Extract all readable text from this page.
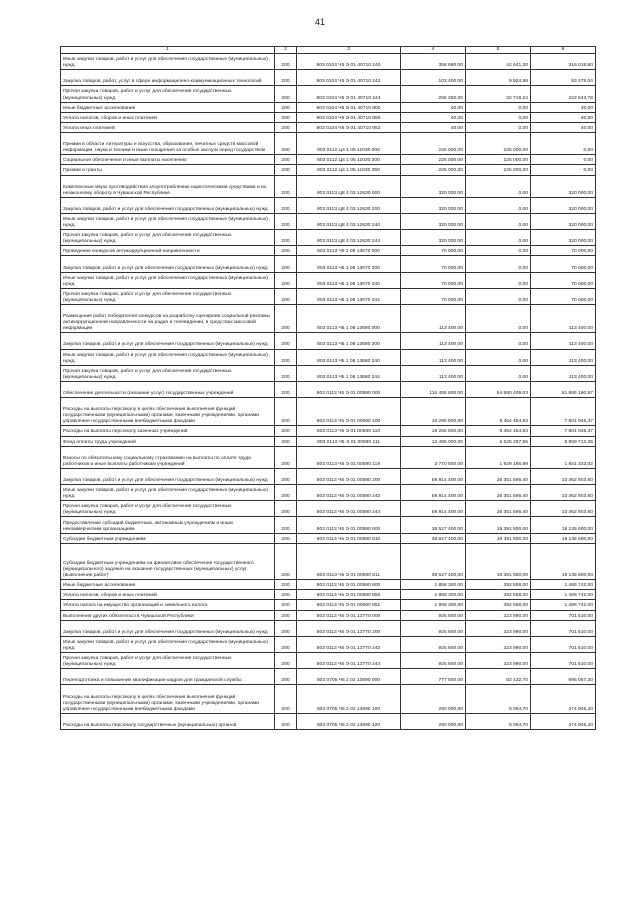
41
1	2	3	4	5	6
Иные закупки товаров, работ и услуг для обеспечения государственных (муниципальных) нужд	200	803 0104 Ч5 Э 01 40710 240	358 660,00	42 641,20	316 018,80
Закупка товаров, работ, услуг в сфере информационно-коммуникационных технологий	200	803 0104 Ч5 Э 01 40710 242	103 400,00	9 924,98	93 475,04
Прочая закупка товаров, работ и услуг для обеспечения государственных (муниципальных) нужд	200	803 0104 Ч5 Э 01 40710 244	255 260,00	32 716,24	222 543,76
Иные бюджетные ассигнования	200	803 0104 Ч5 Э 01 40710 800	40,00	0,00	40,00
Уплата налогов, сборов и иных платежей	200	803 0104 Ч5 Э 01 40710 850	40,00	0,00	40,00
Уплата иных платежей	200	803 0104 Ч5 Э 01 40710 853	40,00	0,00	40,00
Премии в области литературы и искусства, образования, печатных средств массовой информации, науки и техники и иные поощрения за особые заслуги перед государством	200	803 0112 Ц4 1 05 11030 000	225 000,00	225 000,00	0,00
Социальное обеспечение и иные выплаты населению	200	803 0112 Ц4 1 05 11030 300	225 000,00	225 000,00	0,00
Премии и гранты	200	803 0112 Ц4 1 05 11030 350	225 000,00	225 000,00	0,00
Комплексные меры противодействия злоупотреблению наркотическими средствами и их незаконному обороту в Чувашской Республике	200	803 0113 Ц8 4 03 12630 000	320 000,00	0,00	320 000,00
Закупка товаров, работ и услуг для обеспечения государственных (муниципальных) нужд	200	803 0113 Ц8 4 03 12630 200	320 000,00	0,00	320 000,00
Иные закупки товаров, работ и услуг для обеспечения государственных (муниципальных) нужд	200	803 0113 Ц8 4 03 12630 240	320 000,00	0,00	320 000,00
Прочая закупка товаров, работ и услуг для обеспечения государственных (муниципальных) нужд	200	803 0113 Ц8 4 03 12630 244	320 000,00	0,00	320 000,00
Проведение конкурсов антикоррупционной направленности	200	803 0113 Ч5 1 08 13670 000	70 000,00	0,00	70 000,00
Закупка товаров, работ и услуг для обеспечения государственных (муниципальных) нужд	200	803 0113 Ч5 1 08 13670 200	70 000,00	0,00	70 000,00
Иные закупки товаров, работ и услуг для обеспечения государственных (муниципальных) нужд	200	803 0113 Ч5 1 08 13670 240	70 000,00	0,00	70 000,00
Прочая закупка товаров, работ и услуг для обеспечения государственных (муниципальных) нужд	200	803 0113 Ч5 1 08 13670 244	70 000,00	0,00	70 000,00
Размещение работ победителей конкурсов на разработку сценариев социальной рекламы антикоррупционной направленности на радио и телевидении, в средствах массовой информации	200	803 0113 Ч5 1 08 13680 000	113 400,00	0,00	113 400,00
Закупка товаров, работ и услуг для обеспечения государственных (муниципальных) нужд	200	803 0113 Ч5 1 08 13680 200	113 400,00	0,00	113 400,00
Иные закупки товаров, работ и услуг для обеспечения государственных (муниципальных) нужд	200	803 0113 Ч5 1 08 13680 240	113 400,00	0,00	113 400,00
Прочая закупка товаров, работ и услуг для обеспечения государственных (муниципальных) нужд	200	803 0113 Ч5 1 08 13680 244	113 400,00	0,00	113 400,00
Обеспечение деятельности (оказание услуг) государственных учреждений	200	803 0113 Ч5 Э 01 00590 000	116 455 600,00	54 590 409,03	61 865 190,97
Расходы на выплаты персоналу в целях обеспечения выполнения функций государственными (муниципальными) органами, казенными учреждениями, органами управления государственными внебюджетными фондами	200	803 0113 Ч5 Э 01 00590 100	16 255 500,00	8 454 454,63	7 801 045,37
Расходы на выплаты персоналу казенных учреждений	200	803 0113 Ч5 Э 01 00590 110	16 255 500,00	8 454 454,63	7 801 045,37
Фонд оплаты труда учреждений	200	803 0113 Ч5 Э 01 00590 111	12 485 000,00	6 525 287,65	5 959 712,35
Взносы по обязательному социальному страхованию на выплаты по оплате труда работников и иные выплаты работникам учреждений	200	803 0113 Ч5 Э 01 00590 119	3 770 500,00	1 929 166,98	1 841 333,02
Закупка товаров, работ и услуг для обеспечения государственных (муниципальных) нужд	200	803 0113 Ч5 Э 01 00590 200	59 814 400,00	26 351 596,40	33 462 803,60
Иные закупки товаров, работ и услуг для обеспечения государственных (муниципальных) нужд	200	803 0113 Ч5 Э 01 00590 240	59 814 400,00	26 351 596,40	33 462 803,60
Прочая закупка товаров, работ и услуг для обеспечения государственных (муниципальных) нужд	200	803 0113 Ч5 Э 01 00590 244	59 814 400,00	26 351 596,40	33 462 803,60
Предоставление субсидий бюджетным, автономным учреждениям и иным некоммерческим организациям	200	803 0113 Ч5 Э 01 00590 600	38 527 400,00	19 391 800,00	19 135 600,00
Субсидии бюджетным учреждениям	200	803 0113 Ч5 Э 01 00590 610	38 527 400,00	19 391 800,00	19 135 600,00
Субсидии бюджетным учреждениям на финансовое обеспечение государственного (муниципального) задания на оказание государственных (муниципальных) услуг (выполнение работ)	200	803 0113 Ч5 Э 01 00590 611	38 527 400,00	19 391 800,00	19 135 600,00
Иные бюджетные ассигнования	200	803 0113 Ч5 Э 01 00590 800	1 858 300,00	392 558,00	1 465 742,00
Уплата налогов, сборов и иных платежей	200	803 0113 Ч5 Э 01 00590 850	1 858 300,00	392 558,00	1 465 742,00
Уплата налога на имущество организаций и земельного налога	200	803 0113 Ч5 Э 01 00590 851	1 858 300,00	392 558,00	1 465 742,00
Выполнение других обязательств Чувашской Республики	200	803 0113 Ч5 Э 01 13770 000	925 600,00	223 990,00	701 610,00
Закупка товаров, работ и услуг для обеспечения государственных (муниципальных) нужд	200	803 0113 Ч5 Э 01 13770 200	925 600,00	223 990,00	701 610,00
Иные закупки товаров, работ и услуг для обеспечения государственных (муниципальных) нужд	200	803 0113 Ч5 Э 01 13770 240	925 600,00	223 990,00	701 610,00
Прочая закупка товаров, работ и услуг для обеспечения государственных (муниципальных) нужд	200	803 0113 Ч5 Э 01 13770 244	925 600,00	223 990,00	701 610,00
Переподготовка и повышение квалификации кадров для гражданской службы	200	803 0705 Ч5 2 02 13690 000	777 500,00	82 432,70	695 057,30
Расходы на выплаты персоналу в целях обеспечения выполнения функций государственными (муниципальными) органами, казенными учреждениями, органами управления государственными внебюджетными фондами	200	803 0705 Ч5 2 02 13690 100	280 000,00	5 054,70	274 945,30
Расходы на выплаты персоналу государственных (муниципальных) органов	200	803 0705 Ч5 2 02 13690 120	280 000,00	5 054,70	274 945,30
